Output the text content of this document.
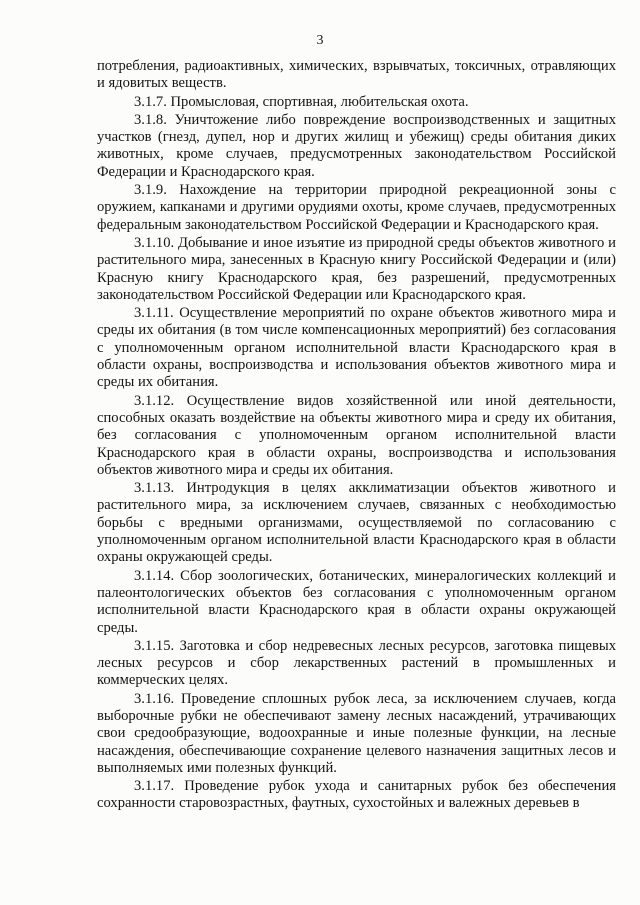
3

потребления, радиоактивных, химических, взрывчатых, токсичных, отравляющих и ядовитых веществ.

3.1.7. Промысловая, спортивная, любительская охота.

3.1.8. Уничтожение либо повреждение воспроизводственных и защитных участков (гнезд, дупел, нор и других жилищ и убежищ) среды обитания диких животных, кроме случаев, предусмотренных законодательством Российской Федерации и Краснодарского края.

3.1.9. Нахождение на территории природной рекреационной зоны с оружием, капканами и другими орудиями охоты, кроме случаев, предусмотренных федеральным законодательством Российской Федерации и Краснодарского края.

3.1.10. Добывание и иное изъятие из природной среды объектов животного и растительного мира, занесенных в Красную книгу Российской Федерации и (или) Красную книгу Краснодарского края, без разрешений, предусмотренных законодательством Российской Федерации или Краснодарского края.

3.1.11. Осуществление мероприятий по охране объектов животного мира и среды их обитания (в том числе компенсационных мероприятий) без согласования с уполномоченным органом исполнительной власти Краснодарского края в области охраны, воспроизводства и использования объектов животного мира и среды их обитания.

3.1.12. Осуществление видов хозяйственной или иной деятельности, способных оказать воздействие на объекты животного мира и среду их обитания, без согласования с уполномоченным органом исполнительной власти Краснодарского края в области охраны, воспроизводства и использования объектов животного мира и среды их обитания.

3.1.13. Интродукция в целях акклиматизации объектов животного и растительного мира, за исключением случаев, связанных с необходимостью борьбы с вредными организмами, осуществляемой по согласованию с уполномоченным органом исполнительной власти Краснодарского края в области охраны окружающей среды.

3.1.14. Сбор зоологических, ботанических, минералогических коллекций и палеонтологических объектов без согласования с уполномоченным органом исполнительной власти Краснодарского края в области охраны окружающей среды.

3.1.15. Заготовка и сбор недревесных лесных ресурсов, заготовка пищевых лесных ресурсов и сбор лекарственных растений в промышленных и коммерческих целях.

3.1.16. Проведение сплошных рубок леса, за исключением случаев, когда выборочные рубки не обеспечивают замену лесных насаждений, утрачивающих свои средообразующие, водоохранные и иные полезные функции, на лесные насаждения, обеспечивающие сохранение целевого назначения защитных лесов и выполняемых ими полезных функций.

3.1.17. Проведение рубок ухода и санитарных рубок без обеспечения сохранности старовозрастных, фаутных, сухостойных и валежных деревьев в
